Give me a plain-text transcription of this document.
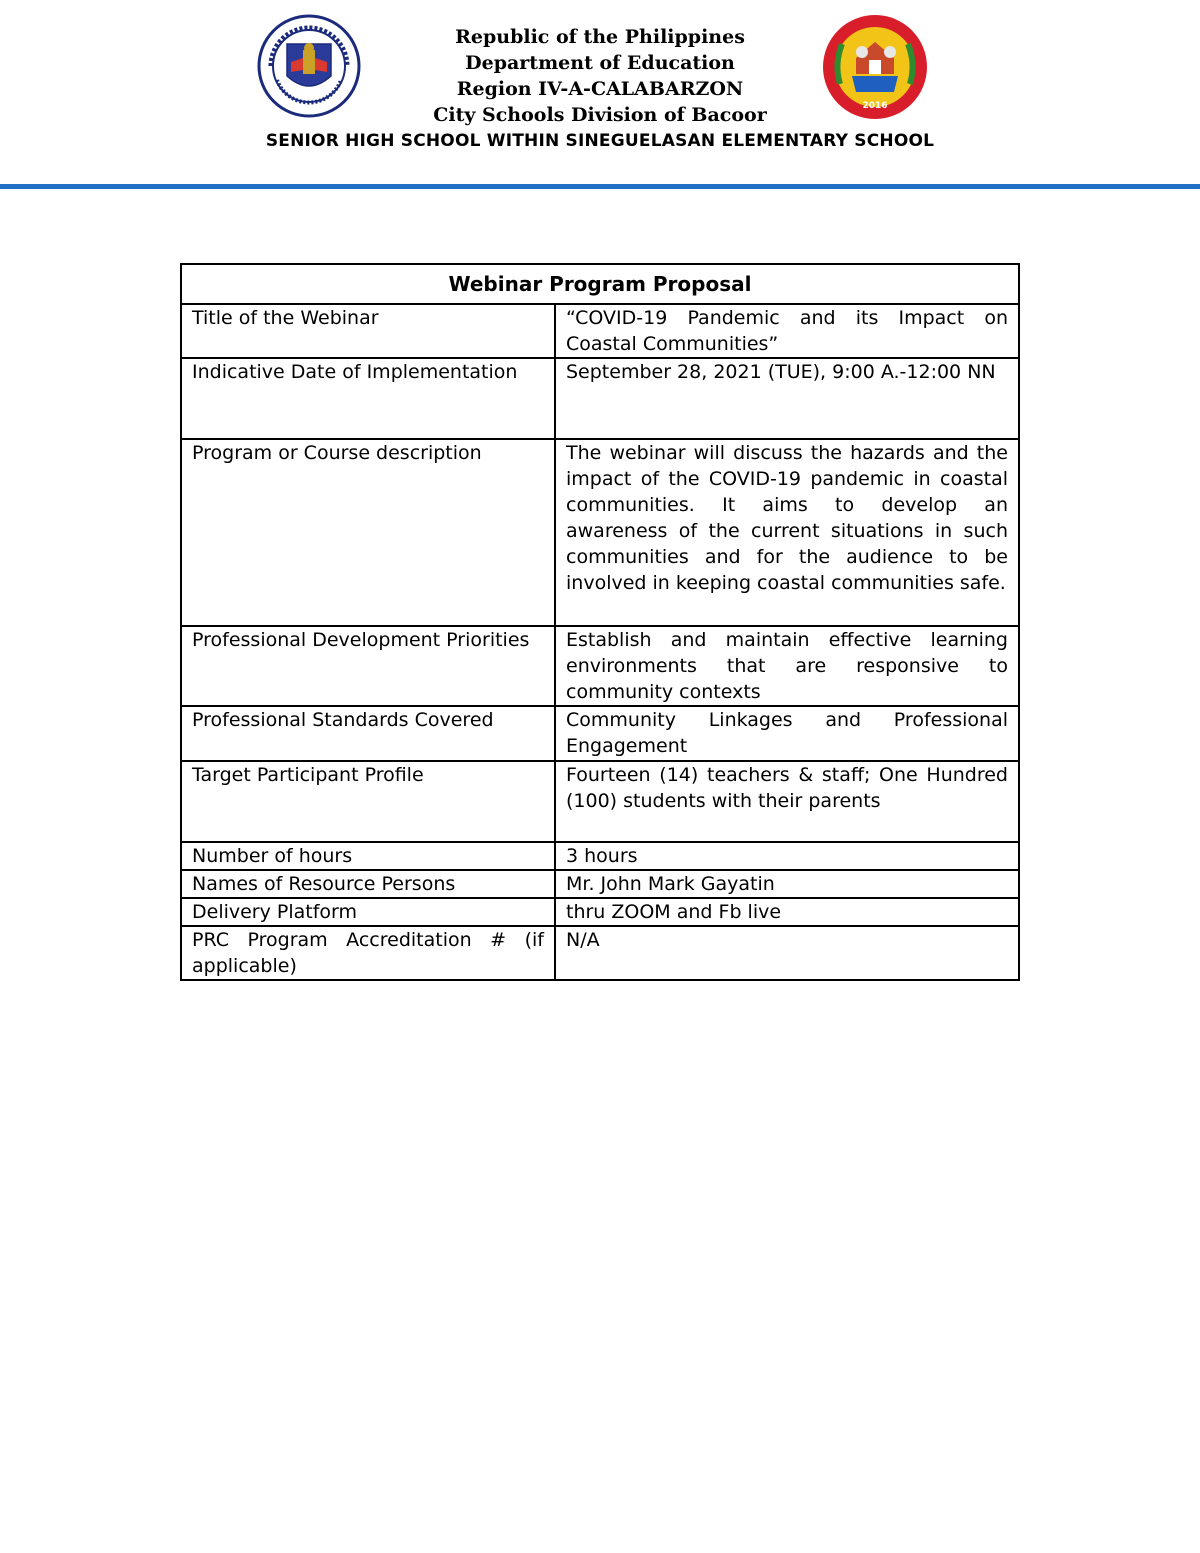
Republic of the Philippines
Department of Education
Region IV-A-CALABARZON
City Schools Division of Bacoor	2016
SENIOR HIGH SCHOOL WITHIN SINEGUELASAN ELEMENTARY SCHOOL
Webinar Program Proposal	
Title of the Webinar	“COVID-19 Pandemic and its Impact on Coastal Communities”
Indicative Date of Implementation	September 28, 2021 (TUE), 9:00 A.-12:00 NN
Program or Course description	The webinar will discuss the hazards and the impact of the COVID-19 pandemic in coastal communities. It aims to develop an awareness of the current situations in such communities and for the audience to be involved in keeping coastal communities safe.
Professional Development Priorities	Establish and maintain effective learning environments that are responsive to community contexts
Professional Standards Covered	Community Linkages and Professional Engagement
Target Participant Profile	Fourteen (14) teachers & staff; One Hundred (100) students with their parents
Number of hours	3 hours
Names of Resource Persons	Mr. John Mark Gayatin
Delivery Platform	thru ZOOM and Fb live
PRC Program Accreditation # (if applicable)	N/A
